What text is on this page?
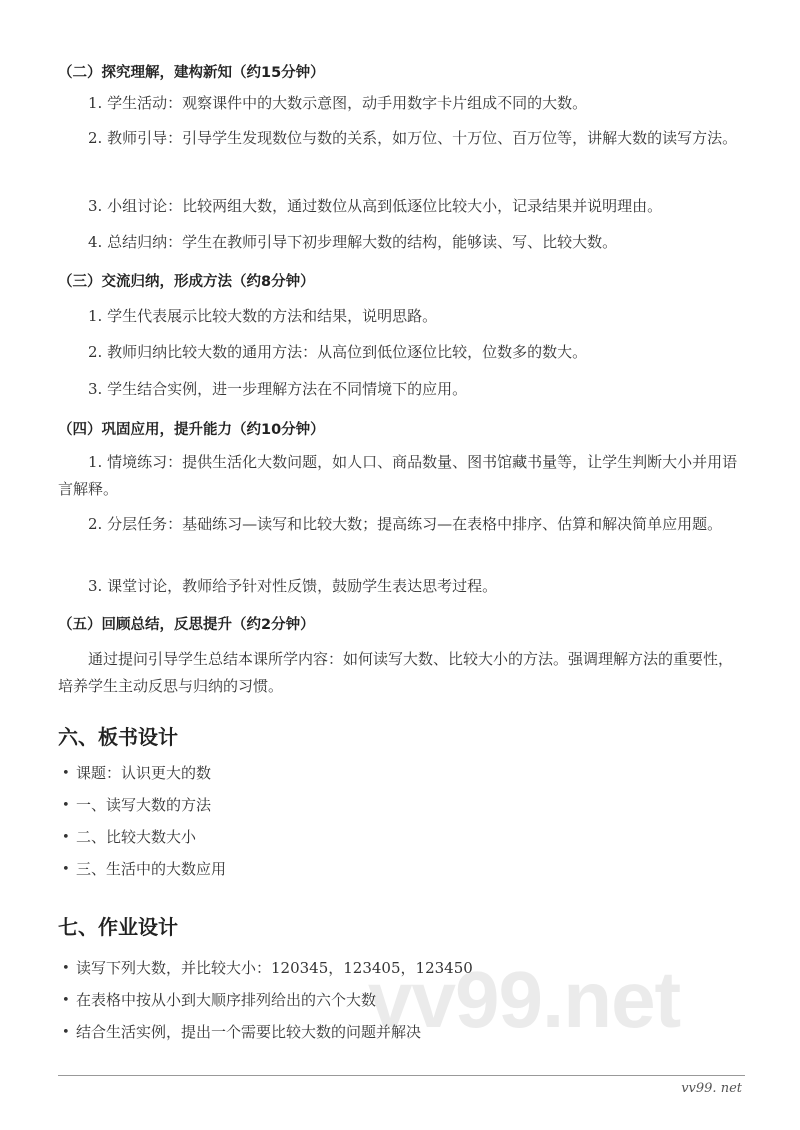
vv99.net
（二）探究理解，建构新知（约15分钟）
1. 学生活动：观察课件中的大数示意图，动手用数字卡片组成不同的大数。
2. 教师引导：引导学生发现数位与数的关系，如万位、十万位、百万位等，讲解大数的读写方法。
3. 小组讨论：比较两组大数，通过数位从高到低逐位比较大小，记录结果并说明理由。
4. 总结归纳：学生在教师引导下初步理解大数的结构，能够读、写、比较大数。
（三）交流归纳，形成方法（约8分钟）
1. 学生代表展示比较大数的方法和结果，说明思路。
2. 教师归纳比较大数的通用方法：从高位到低位逐位比较，位数多的数大。
3. 学生结合实例，进一步理解方法在不同情境下的应用。
（四）巩固应用，提升能力（约10分钟）
1. 情境练习：提供生活化大数问题，如人口、商品数量、图书馆藏书量等，让学生判断大小并用语言解释。
2. 分层任务：基础练习—读写和比较大数；提高练习—在表格中排序、估算和解决简单应用题。
3. 课堂讨论，教师给予针对性反馈，鼓励学生表达思考过程。
（五）回顾总结，反思提升（约2分钟）
通过提问引导学生总结本课所学内容：如何读写大数、比较大小的方法。强调理解方法的重要性，培养学生主动反思与归纳的习惯。
六、板书设计
• 课题：认识更大的数
• 一、读写大数的方法
• 二、比较大数大小
• 三、生活中的大数应用
七、作业设计
• 读写下列大数，并比较大小：120345，123405，123450
• 在表格中按从小到大顺序排列给出的六个大数
• 结合生活实例，提出一个需要比较大数的问题并解决
vv99. net
